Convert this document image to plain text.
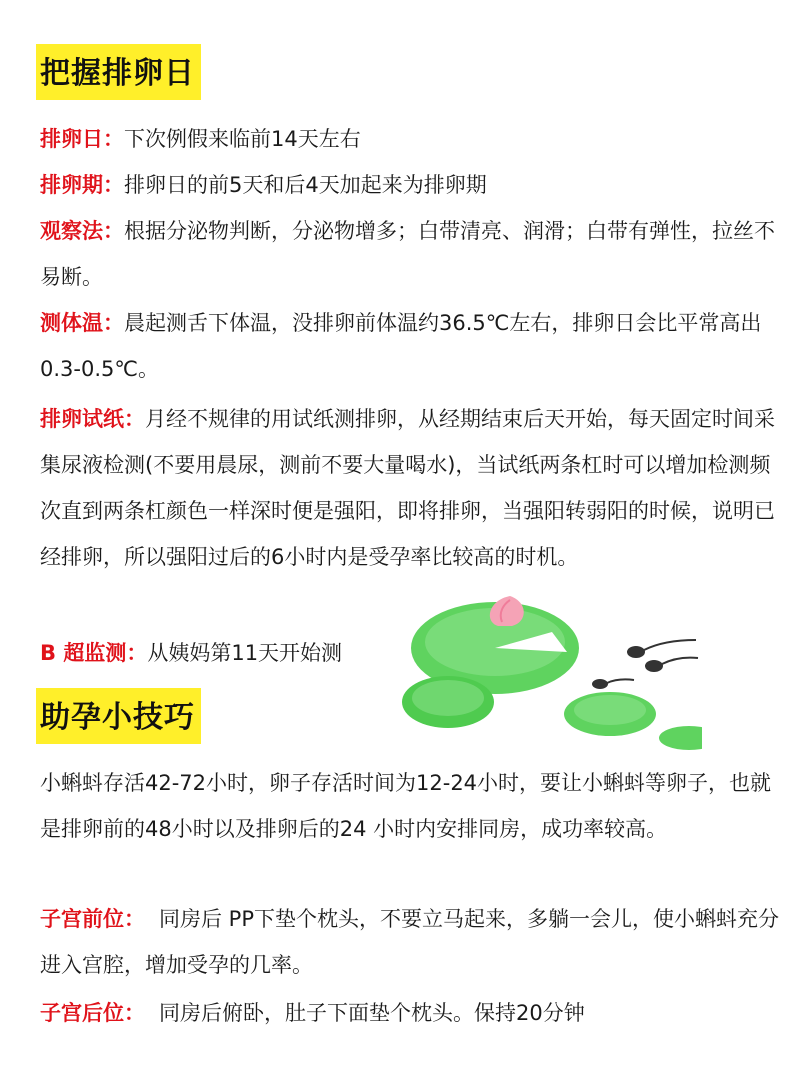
把握排卵日

排卵日：下次例假来临前14天左右

排卵期：排卵日的前5天和后4天加起来为排卵期

观察法：根据分泌物判断，分泌物增多；白带清亮、润滑；白带有弹性，拉丝不易断。

测体温：晨起测舌下体温，没排卵前体温约36.5℃左右，排卵日会比平常高出0.3-0.5℃。

排卵试纸：月经不规律的用试纸测排卵，从经期结束后天开始，每天固定时间采集尿液检测(不要用晨尿，测前不要大量喝水)，当试纸两条杠时可以增加检测频次直到两条杠颜色一样深时便是强阳，即将排卵，当强阳转弱阳的时候，说明已经排卵，所以强阳过后的6小时内是受孕率比较高的时机。

B 超监测：从姨妈第11天开始测

助孕小技巧

小蝌蚪存活42-72小时，卵子存活时间为12-24小时，要让小蝌蚪等卵子，也就是排卵前的48小时以及排卵后的24 小时内安排同房，成功率较高。

子宫前位： 同房后 PP下垫个枕头，不要立马起来，多躺一会儿，使小蝌蚪充分进入宫腔，增加受孕的几率。

子宫后位： 同房后俯卧，肚子下面垫个枕头。保持20分钟
